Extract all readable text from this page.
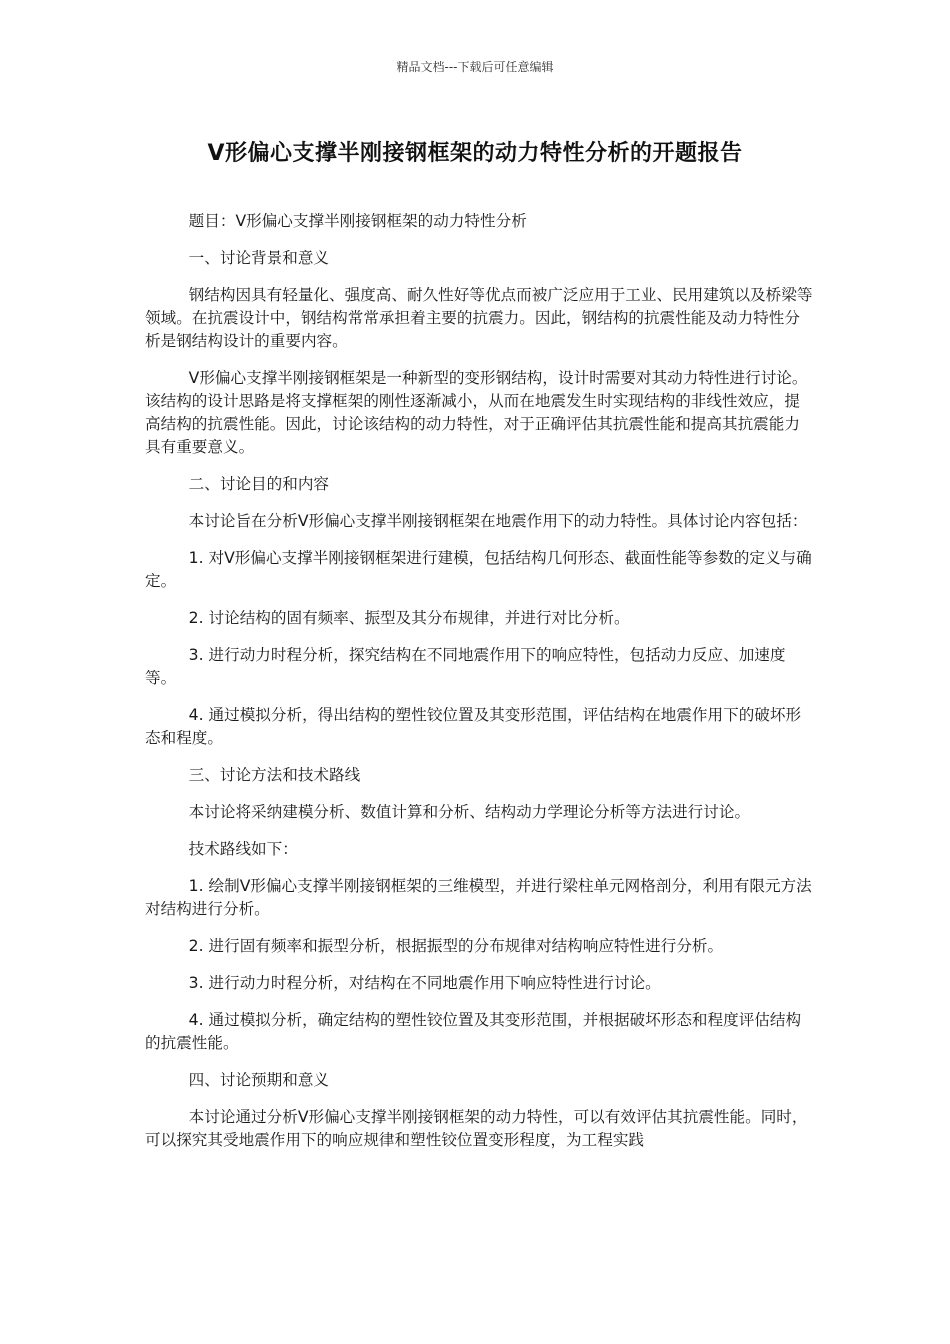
精品文档---下载后可任意编辑
V形偏心支撑半刚接钢框架的动力特性分析的开题报告

题目：V形偏心支撑半刚接钢框架的动力特性分析

一、讨论背景和意义

钢结构因具有轻量化、强度高、耐久性好等优点而被广泛应用于工业、民用建筑以及桥梁等领域。在抗震设计中，钢结构常常承担着主要的抗震力。因此，钢结构的抗震性能及动力特性分析是钢结构设计的重要内容。

V形偏心支撑半刚接钢框架是一种新型的变形钢结构，设计时需要对其动力特性进行讨论。该结构的设计思路是将支撑框架的刚性逐渐减小，从而在地震发生时实现结构的非线性效应，提高结构的抗震性能。因此，讨论该结构的动力特性，对于正确评估其抗震性能和提高其抗震能力具有重要意义。

二、讨论目的和内容

本讨论旨在分析V形偏心支撑半刚接钢框架在地震作用下的动力特性。具体讨论内容包括：

1. 对V形偏心支撑半刚接钢框架进行建模，包括结构几何形态、截面性能等参数的定义与确定。

2. 讨论结构的固有频率、振型及其分布规律，并进行对比分析。

3. 进行动力时程分析，探究结构在不同地震作用下的响应特性，包括动力反应、加速度等。

4. 通过模拟分析，得出结构的塑性铰位置及其变形范围，评估结构在地震作用下的破坏形态和程度。

三、讨论方法和技术路线

本讨论将采纳建模分析、数值计算和分析、结构动力学理论分析等方法进行讨论。

技术路线如下：

1. 绘制V形偏心支撑半刚接钢框架的三维模型，并进行梁柱单元网格剖分，利用有限元方法对结构进行分析。

2. 进行固有频率和振型分析，根据振型的分布规律对结构响应特性进行分析。

3. 进行动力时程分析，对结构在不同地震作用下响应特性进行讨论。

4. 通过模拟分析，确定结构的塑性铰位置及其变形范围，并根据破坏形态和程度评估结构的抗震性能。

四、讨论预期和意义

本讨论通过分析V形偏心支撑半刚接钢框架的动力特性，可以有效评估其抗震性能。同时，可以探究其受地震作用下的响应规律和塑性铰位置变形程度，为工程实践
